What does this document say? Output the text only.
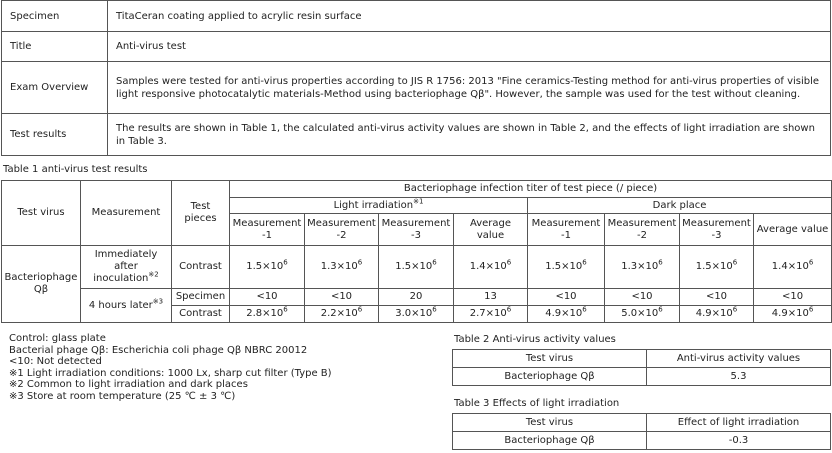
Specimen	TitaCeran coating applied to acrylic resin surface
Title	Anti-virus test
Exam Overview	Samples were tested for anti-virus properties according to JIS R 1756: 2013 "Fine ceramics-Testing method for anti-virus properties of visible light responsive photocatalytic materials-Method using bacteriophage Qβ". However, the sample was used for the test without cleaning.
Test results	The results are shown in Table 1, the calculated anti-virus activity values are shown in Table 2, and the effects of light irradiation are shown in Table 3.
Table 1 anti-virus test results
Test virus	Measurement	Test pieces	Bacteriophage infection titer of test piece (/ piece)							
			Light irradiation$^{※1}$				Dark place			
			Measurement -1	Measurement -2	Measurement -3	Average value	Measurement -1	Measurement -2	Measurement -3	Average value
Bacteriophage Qβ	Immediately after inoculation$^{※2}$	Contrast	$1.5\times 10^6$	$1.3\times 10^6$	$1.5\times 10^6$	$1.4\times 10^6$	$1.5\times 10^6$	$1.3\times 10^6$	$1.5\times 10^6$	$1.4\times 10^6$
	4 hours later$^{※3}$	Specimen	<10	<10	20	13	<10	<10	<10	<10
		Contrast	$2.8\times 10^6$	$2.2\times 10^6$	$3.0\times 10^6$	$2.7\times 10^6$	$4.9\times 10^6$	$5.0\times 10^6$	$4.9\times 10^6$	$4.9\times 10^6$
Control: glass plate
Bacterial phage Qβ: Escherichia coli phage Qβ NBRC 20012
<10: Not detected
※1 Light irradiation conditions: 1000 Lx, sharp cut filter (Type B)
※2 Common to light irradiation and dark places
※3 Store at room temperature (25 ℃ ± 3 ℃)
Table 2 Anti-virus activity values
Test virus	Anti-virus activity values
Bacteriophage Qβ	5.3
Table 3 Effects of light irradiation
Test virus	Effect of light irradiation
Bacteriophage Qβ	-0.3
